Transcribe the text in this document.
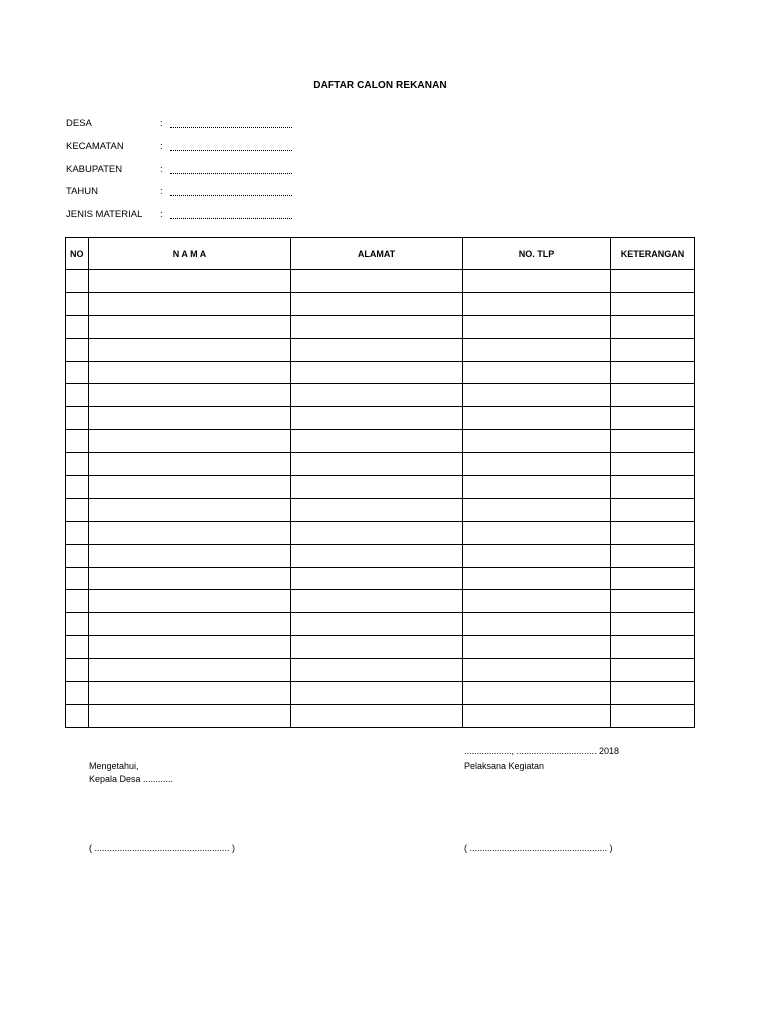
DAFTAR CALON REKANAN
DESA	:
KECAMATAN	:
KABUPATEN	:
TAHUN	:
JENIS MATERIAL	:
NO	N A M A	ALAMAT	NO. TLP	KETERANGAN

..................., ................................ 2018
Mengetahui,	Pelaksana Kegiatan
Kepala Desa ............
( ...................................................... )	( ....................................................... )
